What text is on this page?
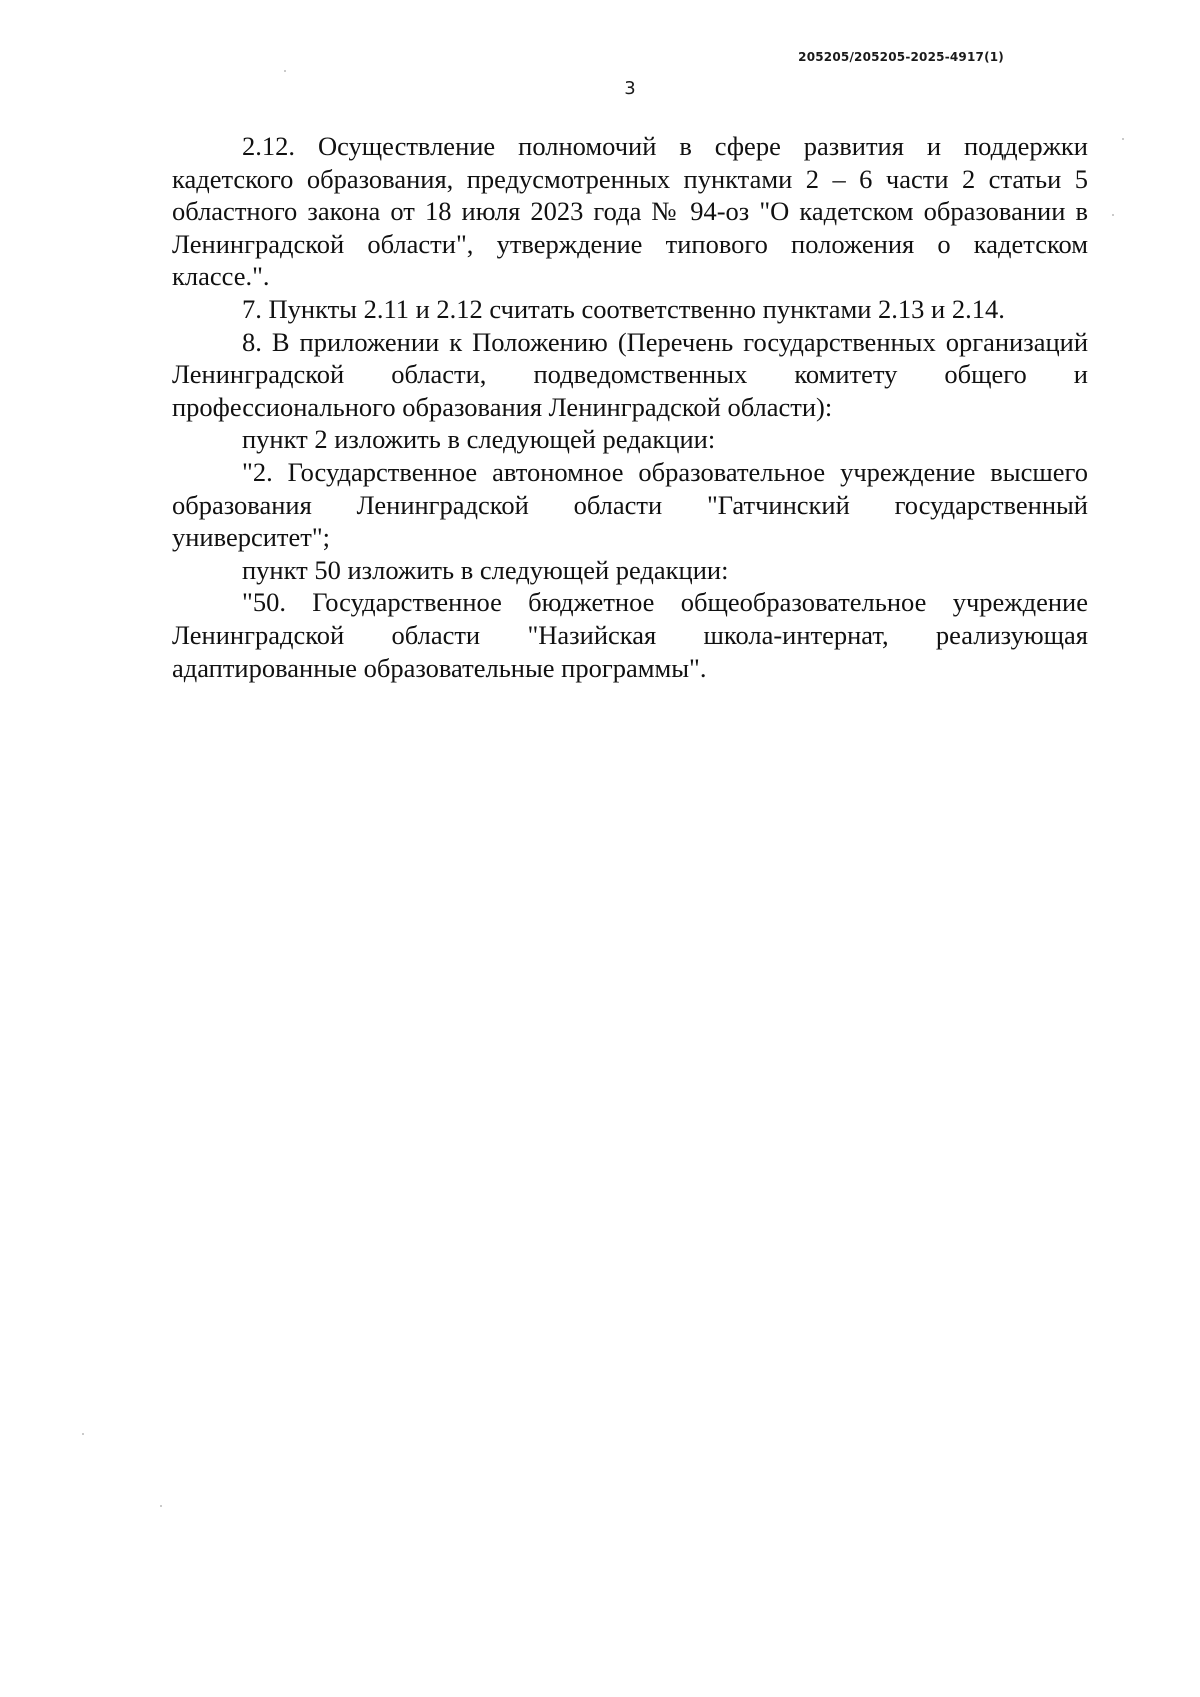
205205/205205-2025-4917(1)
3

2.12. Осуществление полномочий в сфере развития и поддержки кадетского образования, предусмотренных пунктами 2 – 6 части 2 статьи 5 областного закона от 18 июля 2023 года № 94-оз "О кадетском образовании в Ленинградской области", утверждение типового положения о кадетском классе.".

7. Пункты 2.11 и 2.12 считать соответственно пунктами 2.13 и 2.14.

8. В приложении к Положению (Перечень государственных организаций Ленинградской области, подведомственных комитету общего и профессионального образования Ленинградской области):

пункт 2 изложить в следующей редакции:

"2. Государственное автономное образовательное учреждение высшего образования Ленинградской области "Гатчинский государственный университет";

пункт 50 изложить в следующей редакции:

"50. Государственное бюджетное общеобразовательное учреждение Ленинградской области "Назийская школа-интернат, реализующая адаптированные образовательные программы".
